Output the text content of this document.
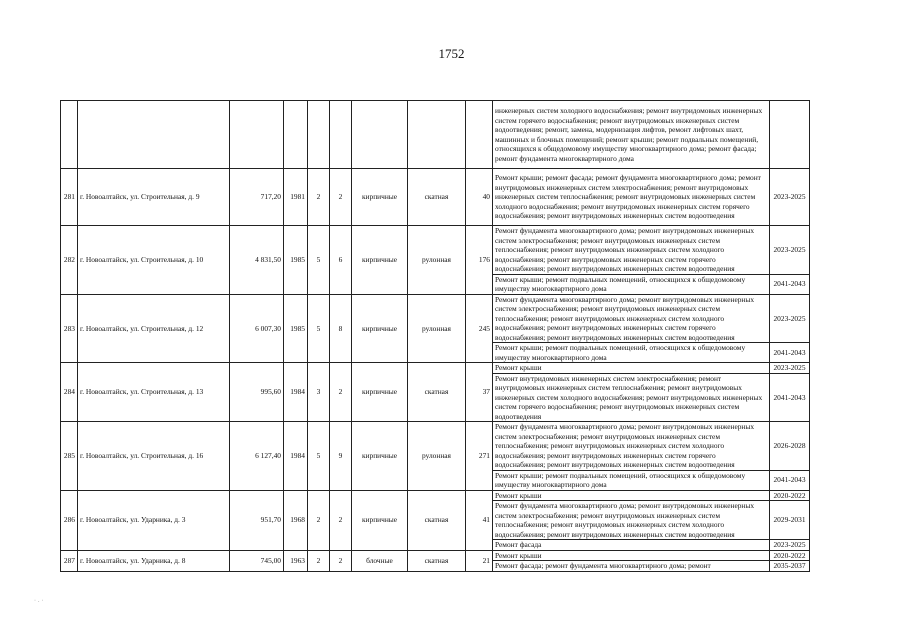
1752
									инженерных систем холодного водоснабжения; ремонт внутридомовых инженерных систем горячего водоснабжения; ремонт внутридомовых инженерных систем водоотведения; ремонт, замена, модернизация лифтов, ремонт лифтовых шахт, машинных и блочных помещений; ремонт крыши; ремонт подвальных помещений, относящихся к общедомовому имуществу многоквартирного дома; ремонт фасада; ремонт фундамента многоквартирного дома	
281	г. Новоалтайск, ул. Строительная, д. 9	717,20	1981	2	2	кирпичные	скатная	40	Ремонт крыши; ремонт фасада; ремонт фундамента многоквартирного дома; ремонт внутридомовых инженерных систем электроснабжения; ремонт внутридомовых инженерных систем теплоснабжения; ремонт внутридомовых инженерных систем холодного водоснабжения; ремонт внутридомовых инженерных систем горячего водоснабжения; ремонт внутридомовых инженерных систем водоотведения	2023-2025
282	г. Новоалтайск, ул. Строительная, д. 10	4 831,50	1985	5	6	кирпичные	рулонная	176	Ремонт фундамента многоквартирного дома; ремонт внутридомовых инженерных систем электроснабжения; ремонт внутридомовых инженерных систем теплоснабжения; ремонт внутридомовых инженерных систем холодного водоснабжения; ремонт внутридомовых инженерных систем горячего водоснабжения; ремонт внутридомовых инженерных систем водоотведения	2023-2025
									Ремонт крыши; ремонт подвальных помещений, относящихся к общедомовому имуществу многоквартирного дома	2041-2043
283	г. Новоалтайск, ул. Строительная, д. 12	6 007,30	1985	5	8	кирпичные	рулонная	245	Ремонт фундамента многоквартирного дома; ремонт внутридомовых инженерных систем электроснабжения; ремонт внутридомовых инженерных систем теплоснабжения; ремонт внутридомовых инженерных систем холодного водоснабжения; ремонт внутридомовых инженерных систем горячего водоснабжения; ремонт внутридомовых инженерных систем водоотведения	2023-2025
									Ремонт крыши; ремонт подвальных помещений, относящихся к общедомовому имуществу многоквартирного дома	2041-2043
284	г. Новоалтайск, ул. Строительная, д. 13	995,60	1984	3	2	кирпичные	скатная	37	Ремонт крыши	2023-2025
									Ремонт внутридомовых инженерных систем электроснабжения; ремонт внутридомовых инженерных систем теплоснабжения; ремонт внутридомовых инженерных систем холодного водоснабжения; ремонт внутридомовых инженерных систем горячего водоснабжения; ремонт внутридомовых инженерных систем водоотведения	2041-2043
285	г. Новоалтайск, ул. Строительная, д. 16	6 127,40	1984	5	9	кирпичные	рулонная	271	Ремонт фундамента многоквартирного дома; ремонт внутридомовых инженерных систем электроснабжения; ремонт внутридомовых инженерных систем теплоснабжения; ремонт внутридомовых инженерных систем холодного водоснабжения; ремонт внутридомовых инженерных систем горячего водоснабжения; ремонт внутридомовых инженерных систем водоотведения	2026-2028
									Ремонт крыши; ремонт подвальных помещений, относящихся к общедомовому имуществу многоквартирного дома	2041-2043
286	г. Новоалтайск, ул. Ударника, д. 3	951,70	1968	2	2	кирпичные	скатная	41	Ремонт крыши	2020-2022
									Ремонт фундамента многоквартирного дома; ремонт внутридомовых инженерных систем электроснабжения; ремонт внутридомовых инженерных систем теплоснабжения; ремонт внутридомовых инженерных систем холодного водоснабжения; ремонт внутридомовых инженерных систем водоотведения	2029-2031
									Ремонт фасада	2023-2025
287	г. Новоалтайск, ул. Ударника, д. 8	745,00	1963	2	2	блочные	скатная	21	Ремонт крыши	2020-2022
									Ремонт фасада; ремонт фундамента многоквартирного дома; ремонт	2035-2037
·.·
